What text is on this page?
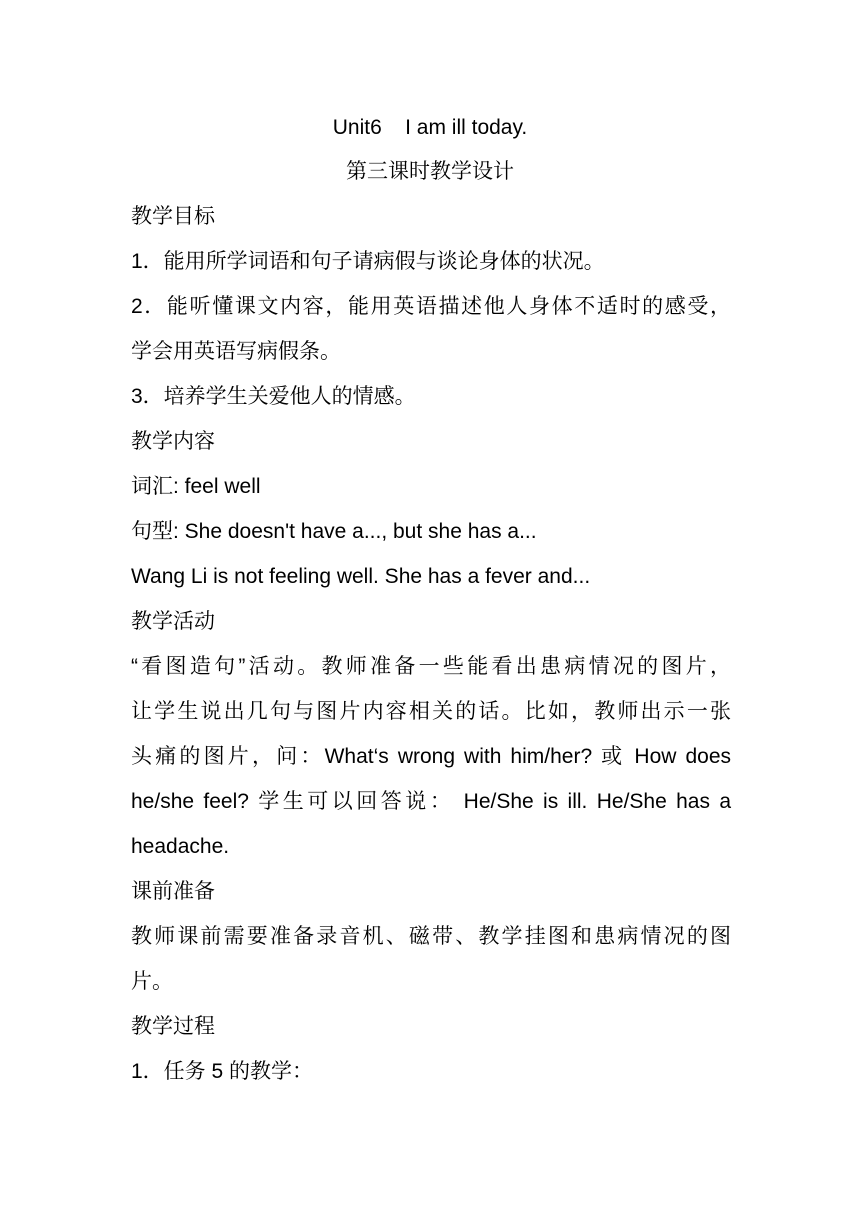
Unit6    I am ill today.
第三课时教学设计
教学目标
1．能用所学词语和句子请病假与谈论身体的状况。
2．能听懂课文内容，能用英语描述他人身体不适时的感受，
学会用英语写病假条。
3．培养学生关爱他人的情感。
教学内容
词汇: feel well
句型: She doesn't have a..., but she has a...
Wang Li is not feeling well. She has a fever and...
教学活动
“看图造句”活动。教师准备一些能看出患病情况的图片，
让学生说出几句与图片内容相关的话。比如，教师出示一张
头痛的图片，问：What‘s wrong with him/her? 或 How does
he/she feel? 学生可以回答说： He/She is ill. He/She has a
headache.
课前准备
教师课前需要准备录音机、磁带、教学挂图和患病情况的图
片。
教学过程
1．任务 5 的教学：
